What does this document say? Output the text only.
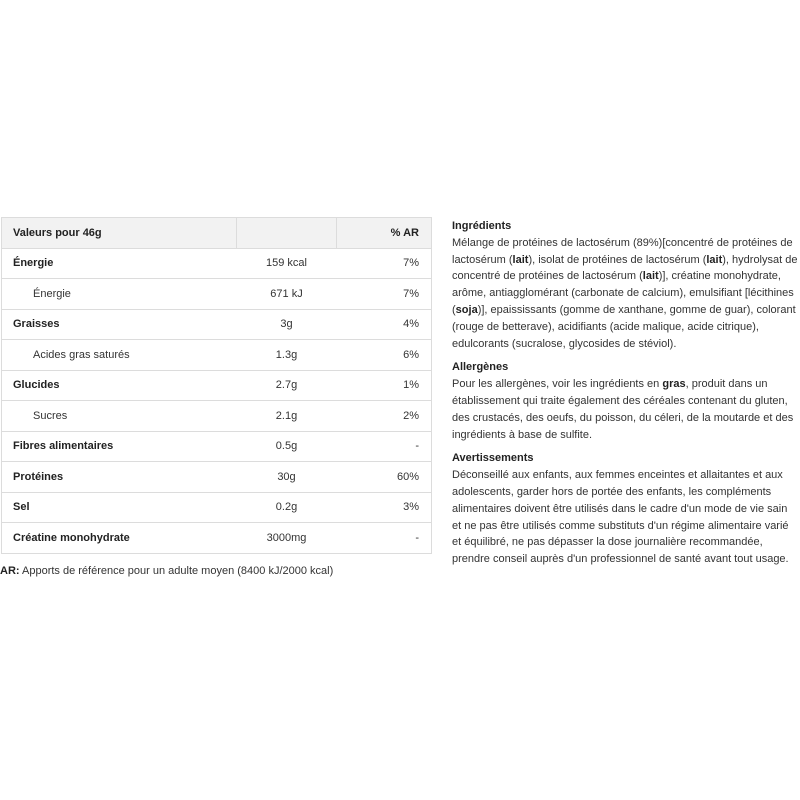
Valeurs pour 46g		% AR
Énergie	159 kcal	7%
Énergie	671 kJ	7%
Graisses	3g	4%
Acides gras saturés	1.3g	6%
Glucides	2.7g	1%
Sucres	2.1g	2%
Fibres alimentaires	0.5g	-
Protéines	30g	60%
Sel	0.2g	3%
Créatine monohydrate	3000mg	-
AR: Apports de référence pour un adulte moyen (8400 kJ/2000 kcal)
Ingrédients

Mélange de protéines de lactosérum (89%)[concentré de protéines de lactosérum (lait), isolat de protéines de lactosérum (lait), hydrolysat de concentré de protéines de lactosérum (lait)], créatine monohydrate, arôme, antiagglomérant (carbonate de calcium), emulsifiant [lécithines (soja)], epaississants (gomme de xanthane, gomme de guar), colorant (rouge de betterave), acidifiants (acide malique, acide citrique), edulcorants (sucralose, glycosides de stéviol).

Allergènes

Pour les allergènes, voir les ingrédients en gras, produit dans un établissement qui traite également des céréales contenant du gluten, des crustacés, des oeufs, du poisson, du céleri, de la moutarde et des ingrédients à base de sulfite.

Avertissements

Déconseillé aux enfants, aux femmes enceintes et allaitantes et aux adolescents, garder hors de portée des enfants, les compléments alimentaires doivent être utilisés dans le cadre d'un mode de vie sain et ne pas être utilisés comme substituts d'un régime alimentaire varié et équilibré, ne pas dépasser la dose journalière recommandée, prendre conseil auprès d'un professionnel de santé avant tout usage.
